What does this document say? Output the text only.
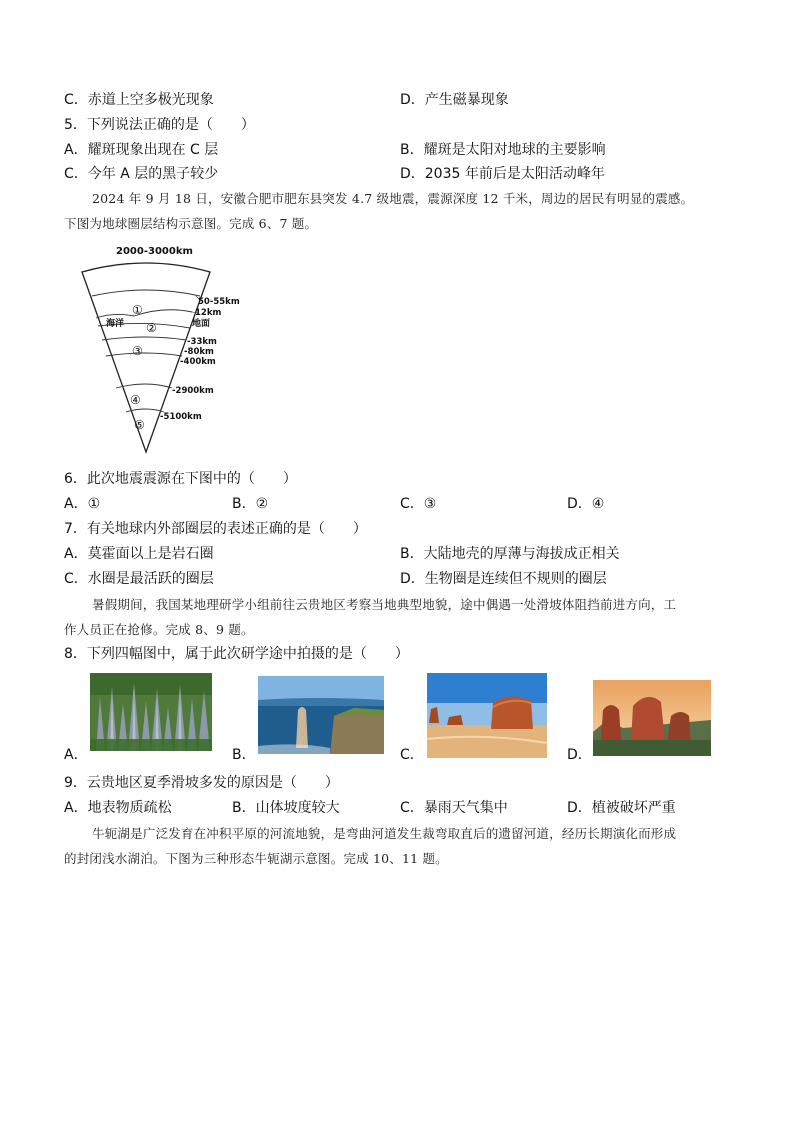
C．赤道上空多极光现象	D．产生磁暴现象
5．下列说法正确的是（　　）
A．耀斑现象出现在 C 层	B．耀斑是太阳对地球的主要影响
C．今年 A 层的黑子较少	D．2035 年前后是太阳活动峰年
2024 年 9 月 18 日，安徽合肥市肥东县突发 4.7 级地震，震源深度 12 千米，周边的居民有明显的震感。
下图为地球圈层结构示意图。完成 6、7 题。
2000-3000km
①
②
③
④
⑤
海洋	地面
50-55km
12km
-33km
-80km
-400km
-2900km
-5100km
6．此次地震震源在下图中的（　　）
A．①	B．②	C．③	D．④
7．有关地球内外部圈层的表述正确的是（　　）
A．莫霍面以上是岩石圈	B．大陆地壳的厚薄与海拔成正相关
C．水圈是最活跃的圈层	D．生物圈是连续但不规则的圈层
暑假期间，我国某地理研学小组前往云贵地区考察当地典型地貌，途中偶遇一处滑坡体阻挡前进方向，工
作人员正在抢修。完成 8、9 题。
8．下列四幅图中，属于此次研学途中拍摄的是（　　）
A．	B．	C．	D．
9．云贵地区夏季滑坡多发的原因是（　　）
A．地表物质疏松	B．山体坡度较大	C．暴雨天气集中	D．植被破坏严重
牛轭湖是广泛发育在冲积平原的河流地貌，是弯曲河道发生裁弯取直后的遗留河道，经历长期演化而形成
的封闭浅水湖泊。下图为三种形态牛轭湖示意图。完成 10、11 题。
